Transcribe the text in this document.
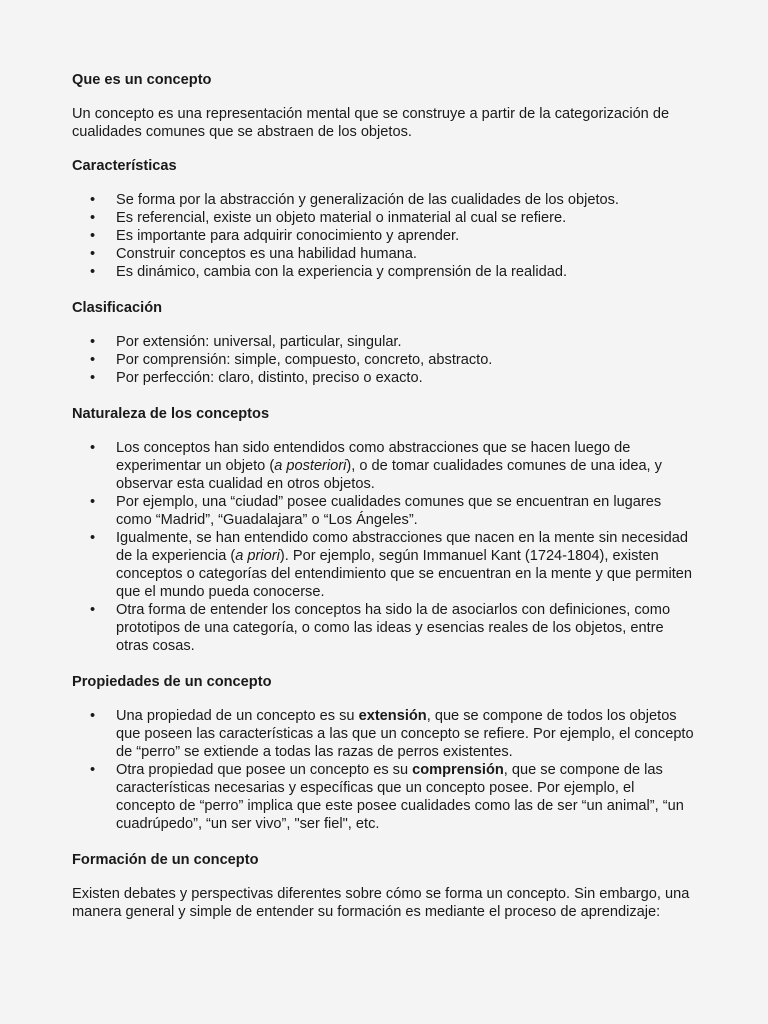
Que es un concepto

Un concepto es una representación mental que se construye a partir de la categorización de cualidades comunes que se abstraen de los objetos.

Características
• Se forma por la abstracción y generalización de las cualidades de los objetos.
• Es referencial, existe un objeto material o inmaterial al cual se refiere.
• Es importante para adquirir conocimiento y aprender.
• Construir conceptos es una habilidad humana.
• Es dinámico, cambia con la experiencia y comprensión de la realidad.
Clasificación
• Por extensión: universal, particular, singular.
• Por comprensión: simple, compuesto, concreto, abstracto.
• Por perfección: claro, distinto, preciso o exacto.
Naturaleza de los conceptos
• Los conceptos han sido entendidos como abstracciones que se hacen luego de experimentar un objeto (a posteriori), o de tomar cualidades comunes de una idea, y observar esta cualidad en otros objetos.
• Por ejemplo, una “ciudad” posee cualidades comunes que se encuentran en lugares como “Madrid”, “Guadalajara” o “Los Ángeles”.
• Igualmente, se han entendido como abstracciones que nacen en la mente sin necesidad de la experiencia (a priori). Por ejemplo, según Immanuel Kant (1724-1804), existen conceptos o categorías del entendimiento que se encuentran en la mente y que permiten que el mundo pueda conocerse.
• Otra forma de entender los conceptos ha sido la de asociarlos con definiciones, como prototipos de una categoría, o como las ideas y esencias reales de los objetos, entre otras cosas.
Propiedades de un concepto
• Una propiedad de un concepto es su extensión, que se compone de todos los objetos que poseen las características a las que un concepto se refiere. Por ejemplo, el concepto de “perro” se extiende a todas las razas de perros existentes.
• Otra propiedad que posee un concepto es su comprensión, que se compone de las características necesarias y específicas que un concepto posee. Por ejemplo, el concepto de “perro” implica que este posee cualidades como las de ser “un animal”, “un cuadrúpedo”, “un ser vivo”, "ser fiel", etc.
Formación de un concepto

Existen debates y perspectivas diferentes sobre cómo se forma un concepto. Sin embargo, una manera general y simple de entender su formación es mediante el proceso de aprendizaje:
